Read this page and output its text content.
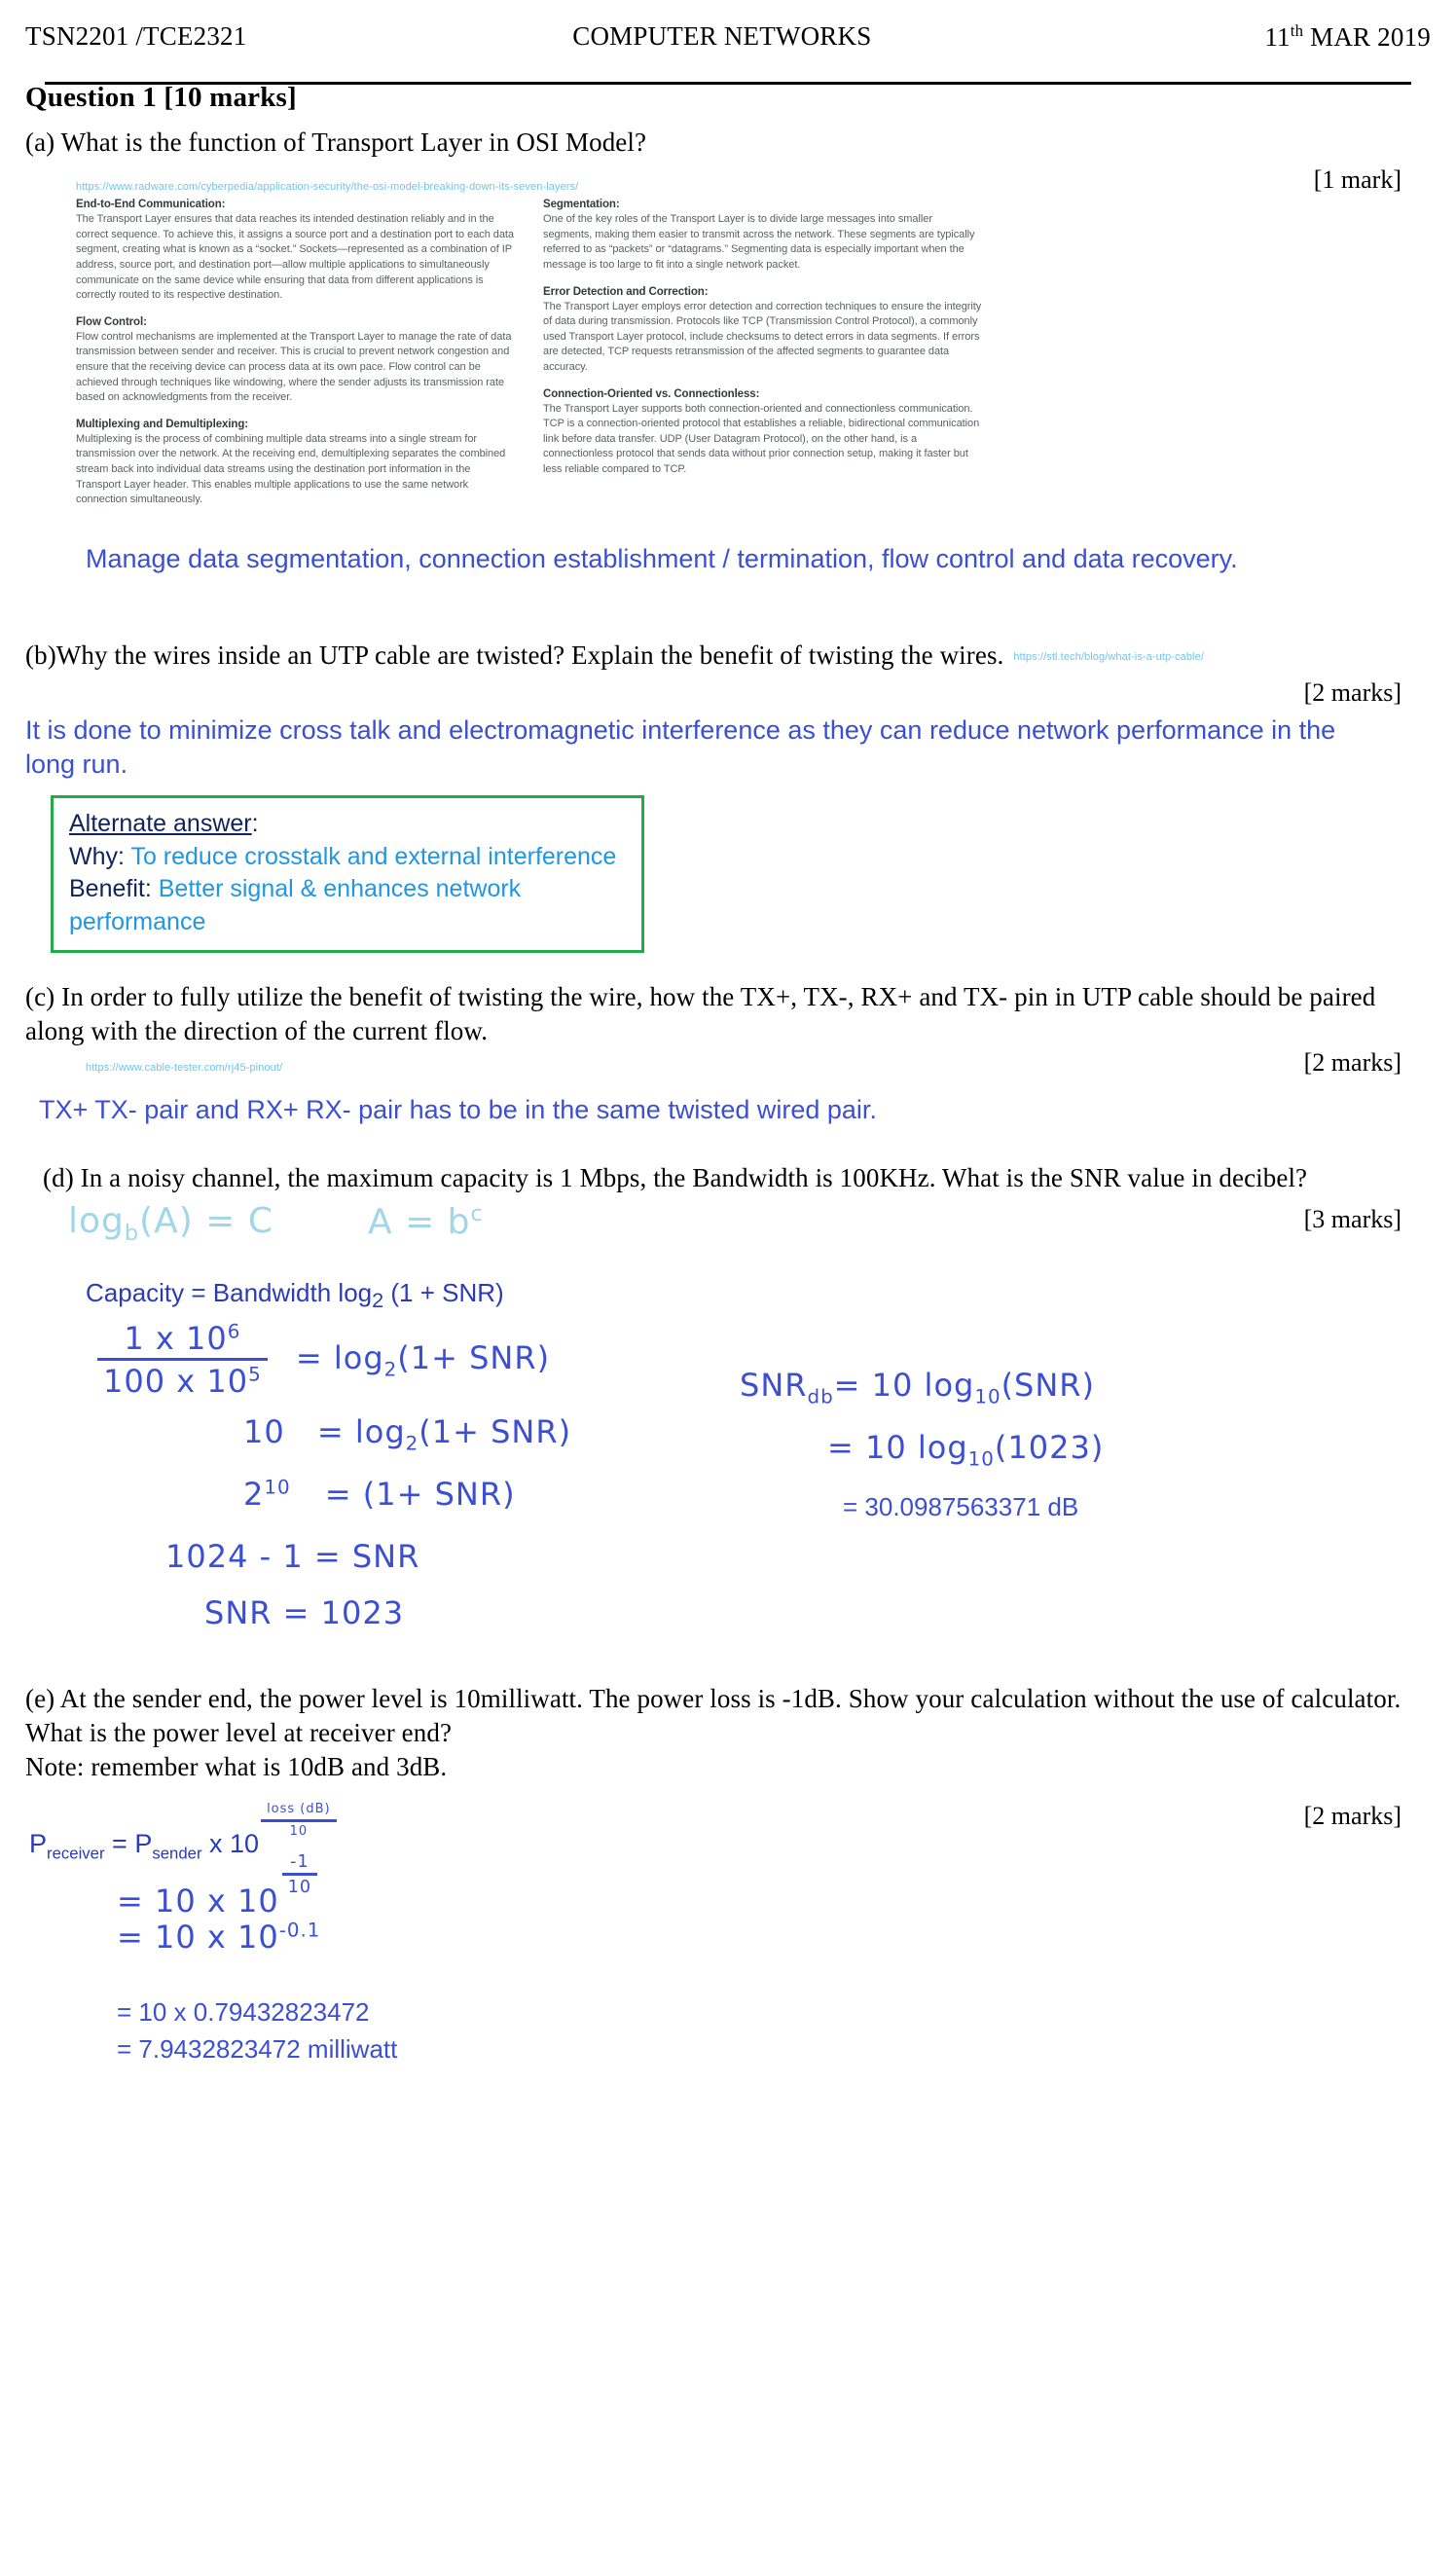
TSN2201 /TCE2321	COMPUTER NETWORKS	11th MAR 2019
Question 1 [10 marks]
(a) What is the function of Transport Layer in OSI Model?
[1 mark]
https://www.radware.com/cyberpedia/application-security/the-osi-model-breaking-down-its-seven-layers/
End-to-End Communication:
The Transport Layer ensures that data reaches its intended destination reliably and in the correct sequence. To achieve this, it assigns a source port and a destination port to each data segment, creating what is known as a “socket.” Sockets—represented as a combination of IP address, source port, and destination port—allow multiple applications to simultaneously communicate on the same device while ensuring that data from different applications is correctly routed to its respective destination.
Flow Control:
Flow control mechanisms are implemented at the Transport Layer to manage the rate of data transmission between sender and receiver. This is crucial to prevent network congestion and ensure that the receiving device can process data at its own pace. Flow control can be achieved through techniques like windowing, where the sender adjusts its transmission rate based on acknowledgments from the receiver.
Multiplexing and Demultiplexing:
Multiplexing is the process of combining multiple data streams into a single stream for transmission over the network. At the receiving end, demultiplexing separates the combined stream back into individual data streams using the destination port information in the Transport Layer header. This enables multiple applications to use the same network connection simultaneously.
Segmentation:
One of the key roles of the Transport Layer is to divide large messages into smaller segments, making them easier to transmit across the network. These segments are typically referred to as “packets” or “datagrams.” Segmenting data is especially important when the message is too large to fit into a single network packet.
Error Detection and Correction:
The Transport Layer employs error detection and correction techniques to ensure the integrity of data during transmission. Protocols like TCP (Transmission Control Protocol), a commonly used Transport Layer protocol, include checksums to detect errors in data segments. If errors are detected, TCP requests retransmission of the affected segments to guarantee data accuracy.
Connection-Oriented vs. Connectionless:
The Transport Layer supports both connection-oriented and connectionless communication. TCP is a connection-oriented protocol that establishes a reliable, bidirectional communication link before data transfer. UDP (User Datagram Protocol), on the other hand, is a connectionless protocol that sends data without prior connection setup, making it faster but less reliable compared to TCP.
Manage data segmentation, connection establishment / termination, flow control and data recovery.
(b)Why the wires inside an UTP cable are twisted? Explain the benefit of twisting the wires. https://stl.tech/blog/what-is-a-utp-cable/
[2 marks]
It is done to minimize cross talk and electromagnetic interference as they can reduce network performance in the long run.
Alternate answer:
Why: To reduce crosstalk and external interference
Benefit: Better signal & enhances network performance
(c) In order to fully utilize the benefit of twisting the wire, how the TX+, TX-, RX+ and TX- pin in UTP cable should be paired along with the direction of the current flow.
https://www.cable-tester.com/rj45-pinout/	[2 marks]
TX+ TX- pair and RX+ RX- pair has to be in the same twisted wired pair.
(d) In a noisy channel, the maximum capacity is 1 Mbps, the Bandwidth is 100KHz. What is the SNR value in decibel?
$\log_b(A) = C$	$A = b^c$	[3 marks]
Capacity = Bandwidth $\log_2 (1 + SNR)$
$\frac{1 x 10^6}{100 x 10^5} = \log_2(1+ SNR)$
$10 = \log_2(1+ SNR)$
$2^{10} = (1+ SNR)$
1024 - 1 = SNR
SNR = 1023
$SNR_{db}= 10$ $\log_{10}(SNR)$
= 10 $\log_{10}(1023)$
= 30.0987563371 dB
(e) At the sender end, the power level is 10milliwatt. The power loss is -1dB. Show your calculation without the use of calculator. What is the power level at receiver end?
Note: remember what is 10dB and 3dB.
$P_{receiver} = P_{sender}$ x 10
$\frac{\text{loss (dB)}}{10}$	[2 marks]
= 10 x 10
$\frac{-1}{10}$
= 10 x $10^{-0.1}$
= 10 x 0.79432823472
= 7.9432823472 milliwatt
